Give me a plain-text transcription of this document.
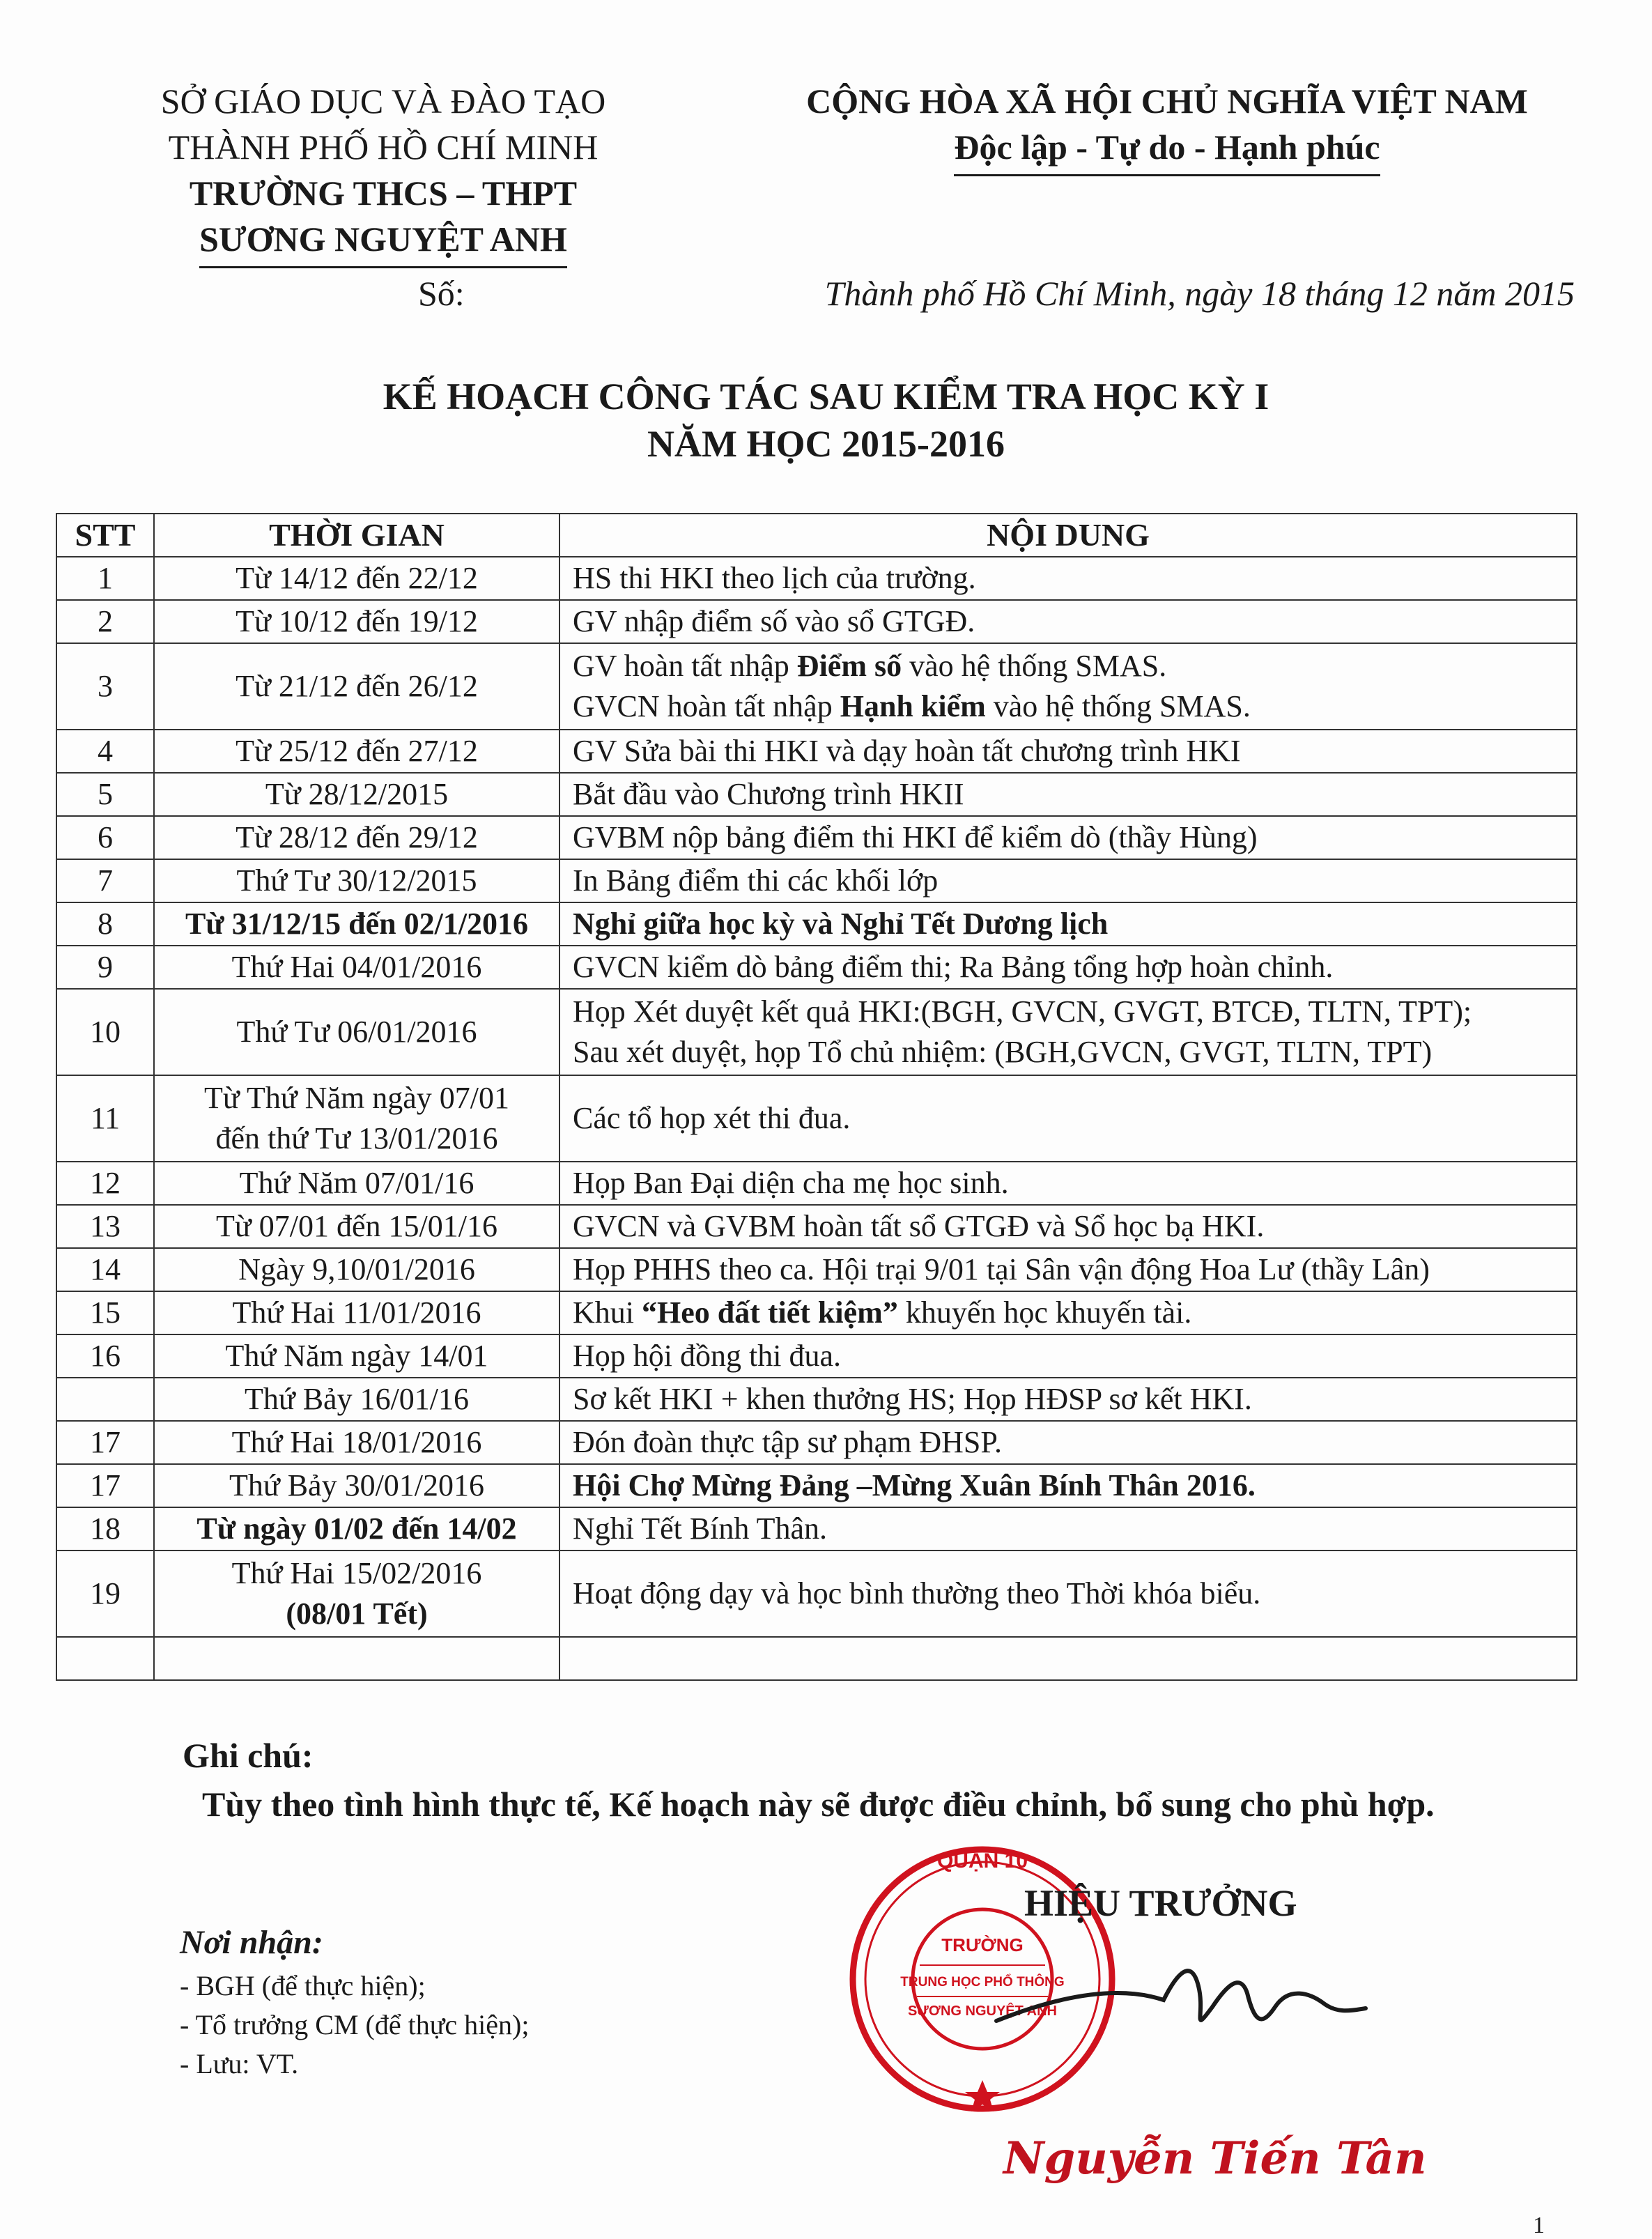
SỞ GIÁO DỤC VÀ ĐÀO TẠO
THÀNH PHỐ HỒ CHÍ MINH
TRƯỜNG THCS – THPT
SƯƠNG NGUYỆT ANH
Số:
CỘNG HÒA XÃ HỘI CHỦ NGHĨA VIỆT NAM
Độc lập - Tự do - Hạnh phúc
Thành phố Hồ Chí Minh, ngày 18 tháng 12 năm 2015
KẾ HOẠCH CÔNG TÁC SAU KIỂM TRA HỌC KỲ I
NĂM HỌC 2015-2016
STT	THỜI GIAN	NỘI DUNG
1	Từ 14/12 đến 22/12	HS thi HKI theo lịch của trường.

2	Từ 10/12 đến 19/12	GV nhập điểm số vào sổ GTGĐ.

3	Từ 21/12 đến 26/12	GV hoàn tất nhập Điểm số vào hệ thống SMAS.
GVCN hoàn tất nhập Hạnh kiểm vào hệ thống SMAS.

4	Từ 25/12 đến 27/12	GV Sửa bài thi HKI và dạy hoàn tất chương trình HKI

5	Từ 28/12/2015	Bắt đầu vào Chương trình HKII

6	Từ 28/12 đến 29/12	GVBM nộp bảng điểm thi HKI để kiểm dò (thầy Hùng)

7	Thứ Tư 30/12/2015	In Bảng điểm thi các khối lớp

8	Từ 31/12/15 đến 02/1/2016	Nghỉ giữa học kỳ và Nghỉ Tết Dương lịch

9	Thứ Hai 04/01/2016	GVCN kiểm dò bảng điểm thi; Ra Bảng tổng hợp hoàn chỉnh.

10	Thứ Tư 06/01/2016	Họp Xét duyệt kết quả HKI:(BGH, GVCN, GVGT, BTCĐ, TLTN, TPT);
Sau xét duyệt, họp Tổ chủ nhiệm: (BGH,GVCN, GVGT, TLTN, TPT)

11	Từ Thứ Năm ngày 07/01
đến thứ Tư 13/01/2016	Các tổ họp xét thi đua.

12	Thứ Năm 07/01/16	Họp Ban Đại diện cha mẹ học sinh.

13	Từ 07/01 đến 15/01/16	GVCN và GVBM hoàn tất sổ GTGĐ và Sổ học bạ HKI.

14	Ngày 9,10/01/2016	Họp PHHS theo ca. Hội trại 9/01 tại Sân vận động Hoa Lư (thầy Lân)

15	Thứ Hai 11/01/2016	Khui “Heo đất tiết kiệm” khuyến học khuyến tài.

16	Thứ Năm ngày 14/01	Họp hội đồng thi đua.

	Thứ Bảy 16/01/16	Sơ kết HKI + khen thưởng HS; Họp HĐSP sơ kết HKI.

17	Thứ Hai 18/01/2016	Đón đoàn thực tập sư phạm ĐHSP.

17	Thứ Bảy 30/01/2016	Hội Chợ Mừng Đảng –Mừng Xuân Bính Thân 2016.

18	Từ ngày 01/02 đến 14/02	Nghỉ Tết Bính Thân.

19	Thứ Hai 15/02/2016
(08/01 Tết)	Hoạt động dạy và học bình thường theo Thời khóa biểu.

Ghi chú:
Tùy theo tình hình thực tế, Kế hoạch này sẽ được điều chỉnh, bổ sung cho phù hợp.
Nơi nhận:
- BGH (để thực hiện);
- Tổ trưởng CM (để thực hiện);
- Lưu: VT.
QUẬN 10
TRƯỜNG
TRUNG HỌC PHỔ THÔNG
SƯƠNG NGUYỆT ANH
HIỆU TRƯỞNG
Nguyễn Tiến Tân
1
